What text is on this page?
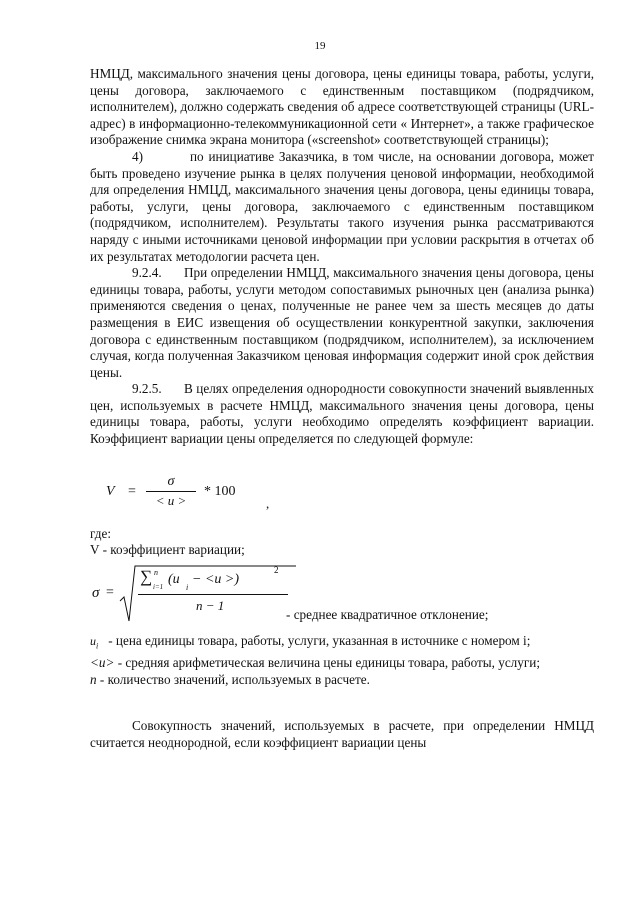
19

НМЦД, максимального значения цены договора, цены единицы товара, работы, услуги, цены договора, заключаемого с единственным поставщиком (подрядчиком, исполнителем), должно содержать сведения об адресе соответствующей страницы (URL-адрес) в информационно-телекоммуникационной сети « Интернет», а также графическое изображение снимка экрана монитора («screenshot» соответствующей страницы);

4)	по инициативе Заказчика, в том числе, на основании договора, может быть проведено изучение рынка в целях получения ценовой информации, необходимой для определения НМЦД, максимального значения цены договора, цены единицы товара, работы, услуги, цены договора, заключаемого с единственным поставщиком (подрядчиком, исполнителем). Результаты такого изучения рынка рассматриваются наряду с иными источниками ценовой информации при условии раскрытия в отчетах об их результатах методологии расчета цен.

9.2.4. При определении НМЦД, максимального значения цены договора, цены единицы товара, работы, услуги методом сопоставимых рыночных цен (анализа рынка) применяются сведения о ценах, полученные не ранее чем за шесть месяцев до даты размещения в ЕИС извещения об осуществлении конкурентной закупки, заключения договора с единственным поставщиком (подрядчиком, исполнителем), за исключением случая, когда полученная Заказчиком ценовая информация содержит иной срок действия цены.

9.2.5. В целях определения однородности совокупности значений выявленных цен, используемых в расчете НМЦД, максимального значения цены договора, цены единицы товара, работы, услуги необходимо определять коэффициент вариации. Коэффициент вариации цены определяется по следующей формуле:

V =
σ
< u >
* 100
,

где:

V - коэффициент вариации;

σ =
∑ n
i=1 (u
i
− <u >)
2
n − 1
- среднее квадратичное отклонение;

$u_i$ - цена единицы товара, работы, услуги, указанная в источнике с номером i;

<u> - средняя арифметическая величина цены единицы товара, работы, услуги;

n - количество значений, используемых в расчете.

Совокупность значений, используемых в расчете, при определении НМЦД считается неоднородной, если коэффициент вариации цены
